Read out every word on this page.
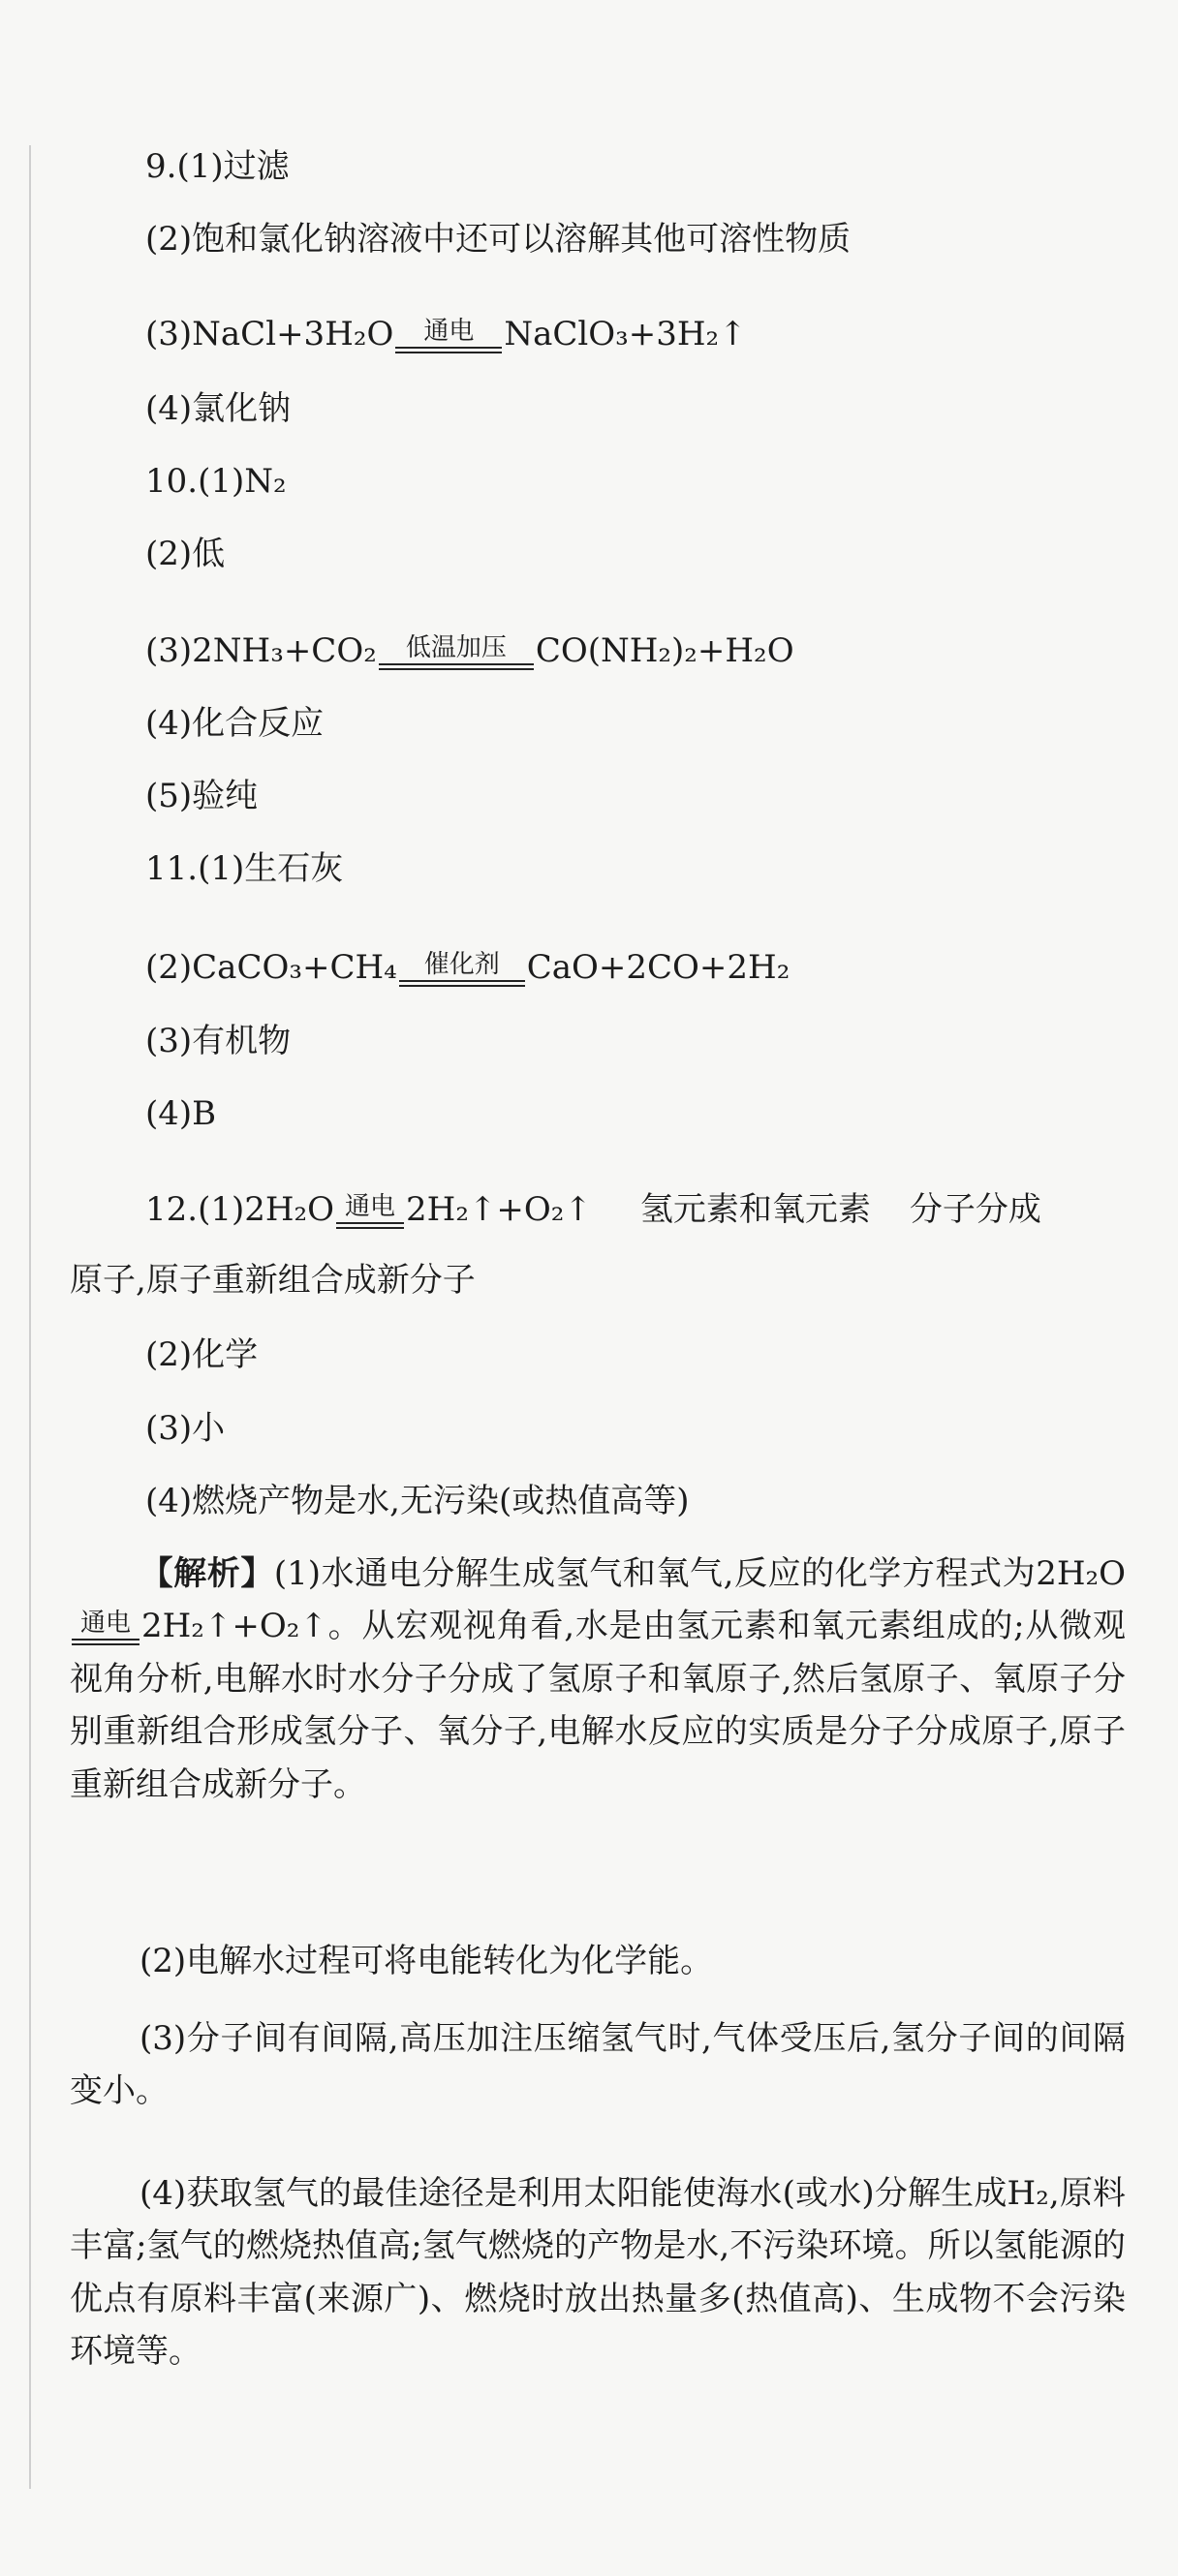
9.(1)过滤
(2)饱和氯化钠溶液中还可以溶解其他可溶性物质
(3)NaCl+3H₂O 通电 NaClO₃+3H₂↑
(4)氯化钠
10.(1)N₂
(2)低
(3)2NH₃+CO₂ 低温加压 CO(NH₂)₂+H₂O
(4)化合反应
(5)验纯
11.(1)生石灰
(2)CaCO₃+CH₄ 催化剂 CaO+2CO+2H₂
(3)有机物
(4)B
12.(1)2H₂O 通电 2H₂↑+O₂↑ 氢元素和氧元素 分子分成
原子,原子重新组合成新分子
(2)化学
(3)小
(4)燃烧产物是水,无污染(或热值高等)
【解析】(1)水通电分解生成氢气和氧气,反应的化学方程式为2H₂O
通电 2H₂↑+O₂↑。从宏观视角看,水是由氢元素和氧元素组成的;从微观视角分析,电解水时水分子分成了氢原子和氧原子,然后氢原子、氧原子分别重新组合形成氢分子、氧分子,电解水反应的实质是分子分成原子,原子重新组合成新分子。
(2)电解水过程可将电能转化为化学能。
(3)分子间有间隔,高压加注压缩氢气时,气体受压后,氢分子间的间隔变小。
(4)获取氢气的最佳途径是利用太阳能使海水(或水)分解生成H₂,原料丰富;氢气的燃烧热值高;氢气燃烧的产物是水,不污染环境。所以氢能源的优点有原料丰富(来源广)、燃烧时放出热量多(热值高)、生成物不会污染环境等。
